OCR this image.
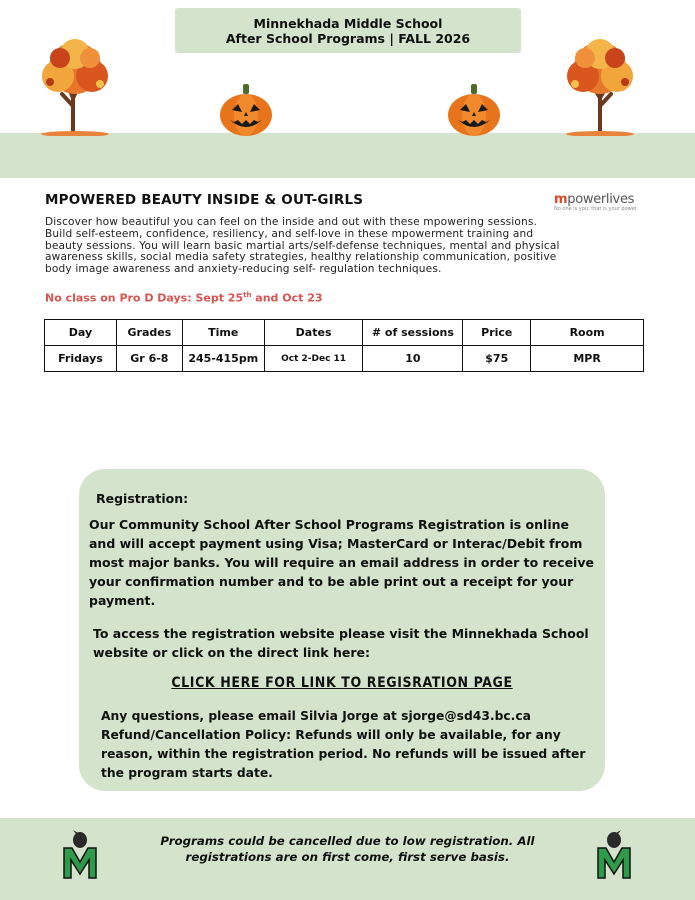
Minnekhada Middle School
After School Programs | FALL 2026
MPOWERED BEAUTY INSIDE & OUT-GIRLS	mpowerlives
No one is you, that is your power
Discover how beautiful you can feel on the inside and out with these mpowering sessions. Build self-esteem, confidence, resiliency, and self-love in these mpowerment training and beauty sessions. You will learn basic martial arts/self-defense techniques, mental and physical awareness skills, social media safety strategies, healthy relationship communication, positive body image awareness and anxiety-reducing self- regulation techniques.
No class on Pro D Days: Sept 25th and Oct 23
Day	Grades	Time	Dates	# of sessions	Price	Room
Fridays	Gr 6-8	245-415pm	Oct 2-Dec 11	10	$75	MPR
Registration:
Our Community School After School Programs Registration is online and will accept payment using Visa; MasterCard or Interac/Debit from most major banks. You will require an email address in order to receive your confirmation number and to be able print out a receipt for your payment.
To access the registration website please visit the Minnekhada School website or click on the direct link here:
CLICK HERE FOR LINK TO REGISRATION PAGE
Any questions, please email Silvia Jorge at sjorge@sd43.bc.ca
Refund/Cancellation Policy: Refunds will only be available, for any reason, within the registration period. No refunds will be issued after the program starts date.
Programs could be cancelled due to low registration. All
registrations are on first come, first serve basis.
